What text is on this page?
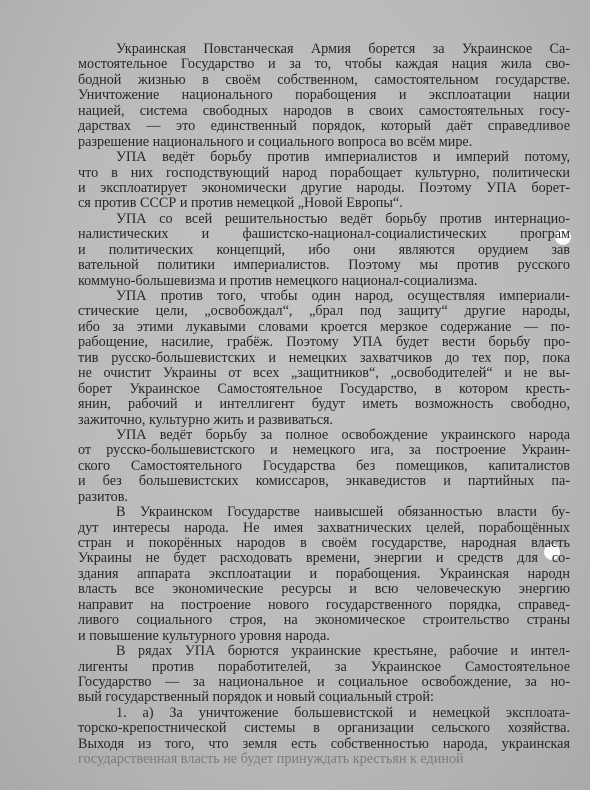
Украинская Повстанческая Армия борется за Украинское Са-
мостоятельное Государство и за то, чтобы каждая нация жила сво-
бодной жизнью в своём собственном, самостоятельном государстве.
Уничтожение национального порабощения и эксплоатации нации
нацией, система свободных народов в своих самостоятельных госу-
дарствах — это единственный порядок, который даёт справедливое
разрешение национального и социального вопроса во всём мире.
УПА ведёт борьбу против империалистов и империй потому,
что в них господствующий народ порабощает культурно, политически
и эксплоатирует экономически другие народы. Поэтому УПА борет-
ся против СССР и против немецкой „Новой Европы“.
УПА со всей решительностью ведёт борьбу против интернацио-
налистических и фашистско-национал-социалистических програм
и политических концепций, ибо они являются орудием зав
вательной политики империалистов. Поэтому мы против русского
коммуно-большевизма и против немецкого национал-социализма.
УПА против того, чтобы один народ, осуществляя империали-
стические цели, „освобождал“, „брал под защиту“ другие народы,
ибо за этими лукавыми словами кроется мерзкое содержание — по-
рабощение, насилие, грабёж. Поэтому УПА будет вести борьбу про-
тив русско-большевистских и немецких захватчиков до тех пор, пока
не очистит Украины от всех „защитников“, „освободителей“ и не вы-
борет Украинское Самостоятельное Государство, в котором кресть-
янин, рабочий и интеллигент будут иметь возможность свободно,
зажиточно, культурно жить и развиваться.
УПА ведёт борьбу за полное освобождение украинского народа
от русско-большевистского и немецкого ига, за построение Украин-
ского Самостоятельного Государства без помещиков, капиталистов
и без большевистских комиссаров, энкаведистов и партийных па-
разитов.
В Украинском Государстве наивысшей обязанностью власти бу-
дут интересы народа. Не имея захватнических целей, порабощённых
стран и покорённых народов в своём государстве, народная власть
Украины не будет расходовать времени, энергии и средств для со-
здания аппарата эксплоатации и порабощения. Украинская народн
власть все экономические ресурсы и всю человеческую энергию
направит на построение нового государственного порядка, справед-
ливого социального строя, на экономическое строительство страны
и повышение культурного уровня народа.
В рядах УПА борются украинские крестьяне, рабочие и интел-
лигенты против поработителей, за Украинское Самостоятельное
Государство — за национальное и социальное освобождение, за но-
вый государственный порядок и новый социальный строй:
1. а) За уничтожение большевистской и немецкой эксплоата-
торско-крепостнической системы в организации сельского хозяйства.
Выходя из того, что земля есть собственностью народа, украинская
государственная власть не будет принуждать крестьян к единой
